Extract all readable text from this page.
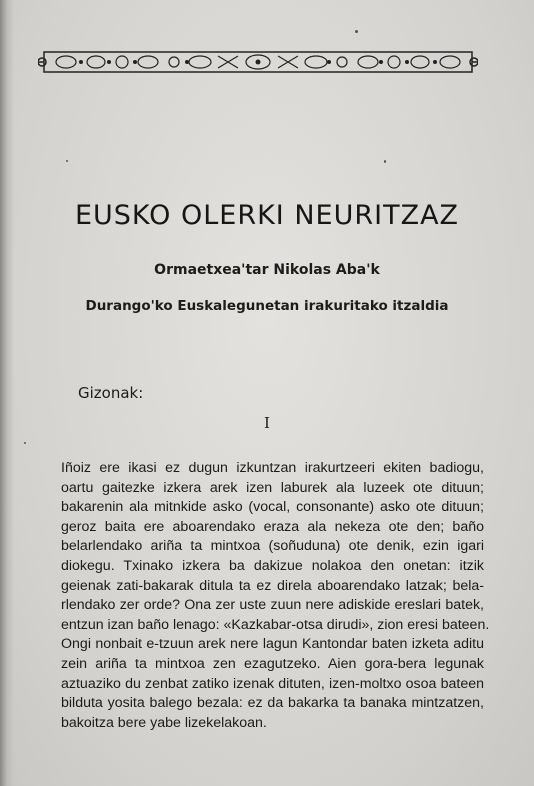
EUSKO OLERKI NEURITZAZ
Ormaetxea'tar Nikolas Aba'k
Durango'ko Euskalegunetan irakuritako itzaldia
Gizonak:
I
Iñoiz ere ikasi ez dugun izkuntzan irakurtzeeri ekiten badiogu,
oartu gaitezke izkera arek izen laburek ala luzeek ote dituun;
bakarenin ala mitnkide asko (vocal, consonante) asko ote dituun;
geroz baita ere aboarendako eraza ala nekeza ote den; baño
belarlendako ariña ta mintxoa (soñuduna) ote denik, ezin igari
diokegu. Txinako izkera ba dakizue nolakoa den onetan: itzik
geienak zati-bakarak ditula ta ez direla aboarendako latzak; bela-
rlendako zer orde? Ona zer uste zuun nere adiskide ereslari batek,
entzun izan baño lenago: «Kazkabar-otsa dirudi», zion eresi bateen.
Ongi nonbait e-tzuun arek nere lagun Kantondar baten izketa aditu
zein ariña ta mintxoa zen ezagutzeko. Aien gora-bera legunak
aztuaziko du zenbat zatiko izenak dituten, izen-moltxo osoa bateen
bilduta yosita balego bezala: ez da bakarka ta banaka mintzatzen,
bakoitza bere yabe lizekelakoan.
